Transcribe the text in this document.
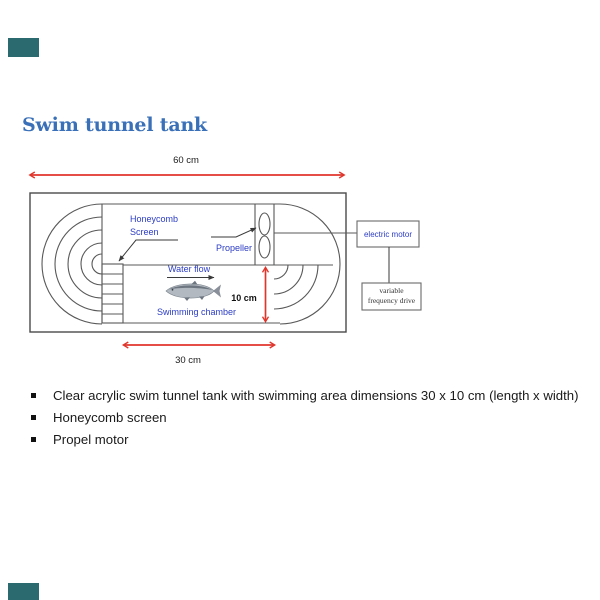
Swim tunnel tank
60 cm
10 cm
30 cm
Honeycomb
Screen
Propeller
Water flow
Swimming chamber
electric motor
variable
frequency drive
Clear acrylic swim tunnel tank with swimming area dimensions 30 x 10 cm (length x width)
Honeycomb screen
Propel motor
